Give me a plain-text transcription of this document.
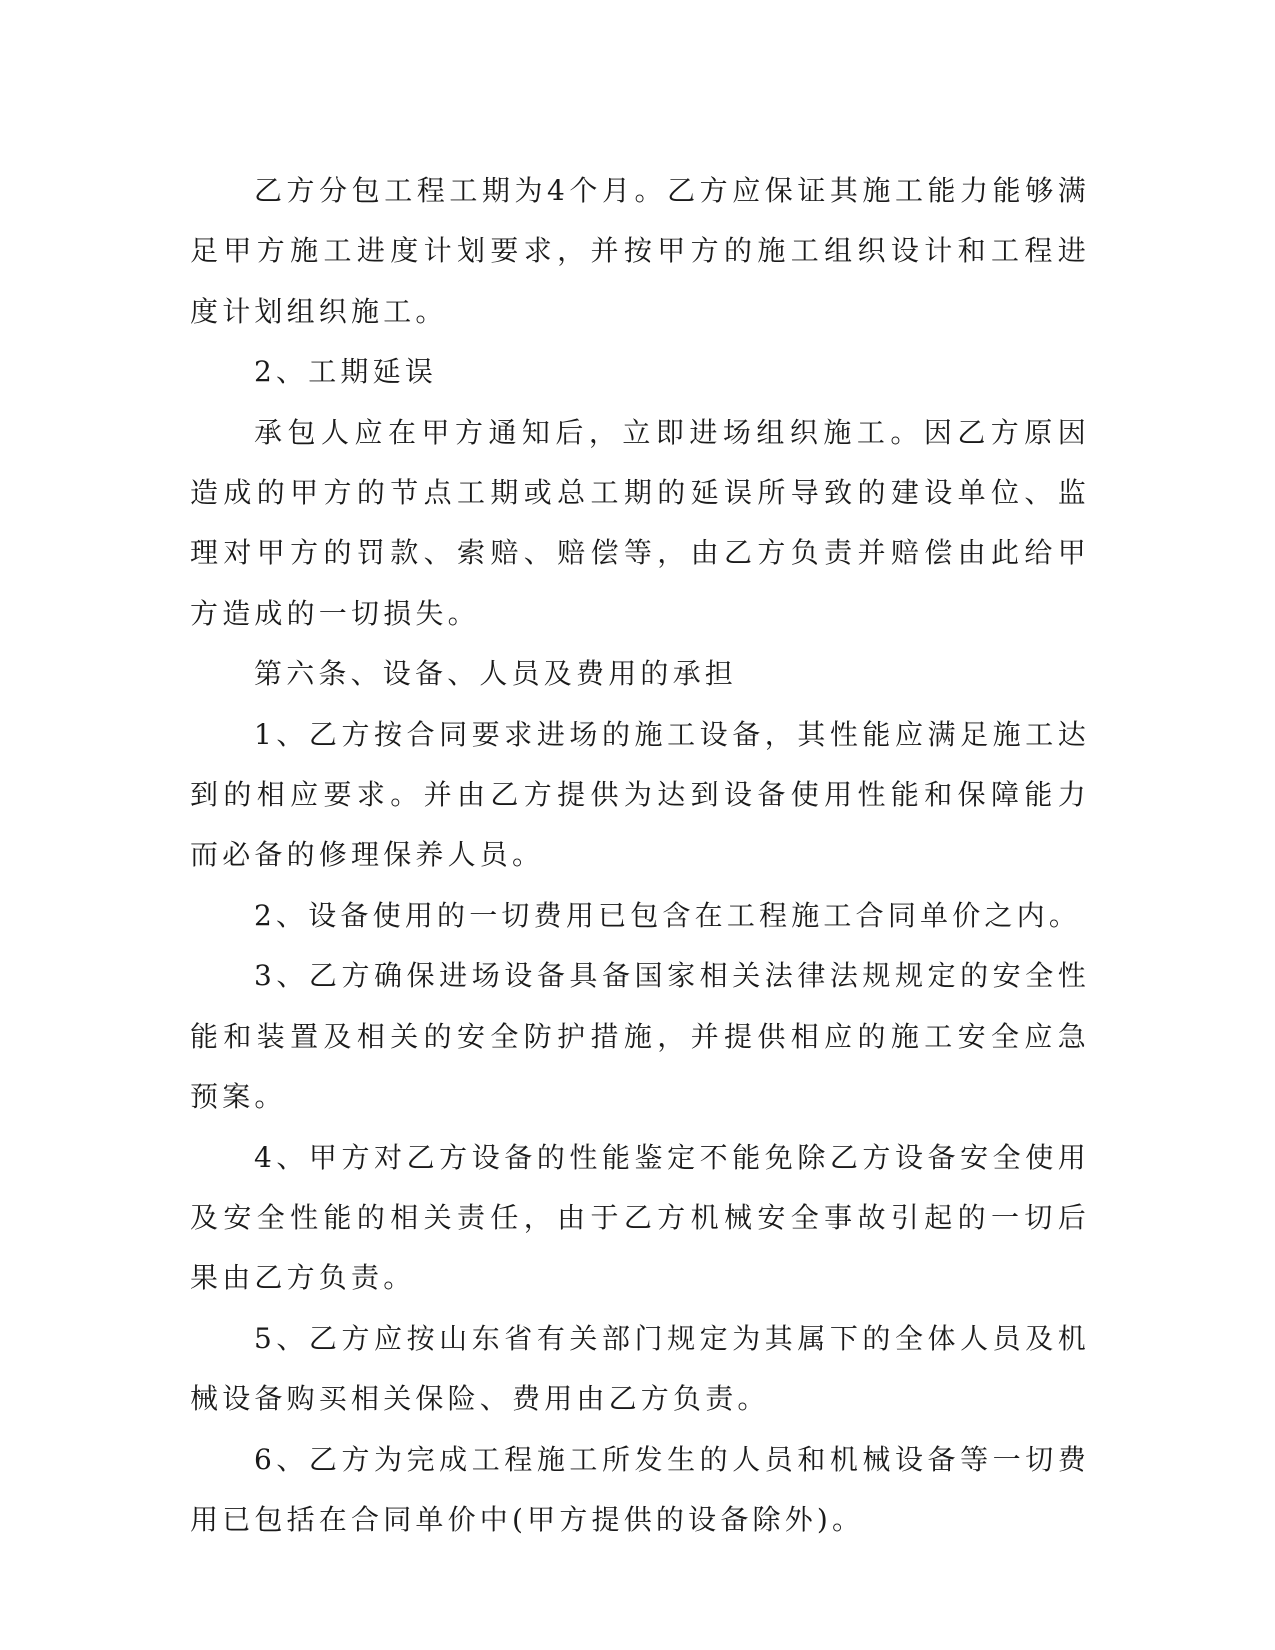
乙方分包工程工期为4个月。乙方应保证其施工能力能够满足甲方施工进度计划要求，并按甲方的施工组织设计和工程进度计划组织施工。

2、工期延误

承包人应在甲方通知后，立即进场组织施工。因乙方原因造成的甲方的节点工期或总工期的延误所导致的建设单位、监理对甲方的罚款、索赔、赔偿等，由乙方负责并赔偿由此给甲方造成的一切损失。

第六条、设备、人员及费用的承担

1、乙方按合同要求进场的施工设备，其性能应满足施工达到的相应要求。并由乙方提供为达到设备使用性能和保障能力而必备的修理保养人员。

2、设备使用的一切费用已包含在工程施工合同单价之内。

3、乙方确保进场设备具备国家相关法律法规规定的安全性能和装置及相关的安全防护措施，并提供相应的施工安全应急预案。

4、甲方对乙方设备的性能鉴定不能免除乙方设备安全使用及安全性能的相关责任，由于乙方机械安全事故引起的一切后果由乙方负责。

5、乙方应按山东省有关部门规定为其属下的全体人员及机械设备购买相关保险、费用由乙方负责。

6、乙方为完成工程施工所发生的人员和机械设备等一切费用已包括在合同单价中(甲方提供的设备除外)。
